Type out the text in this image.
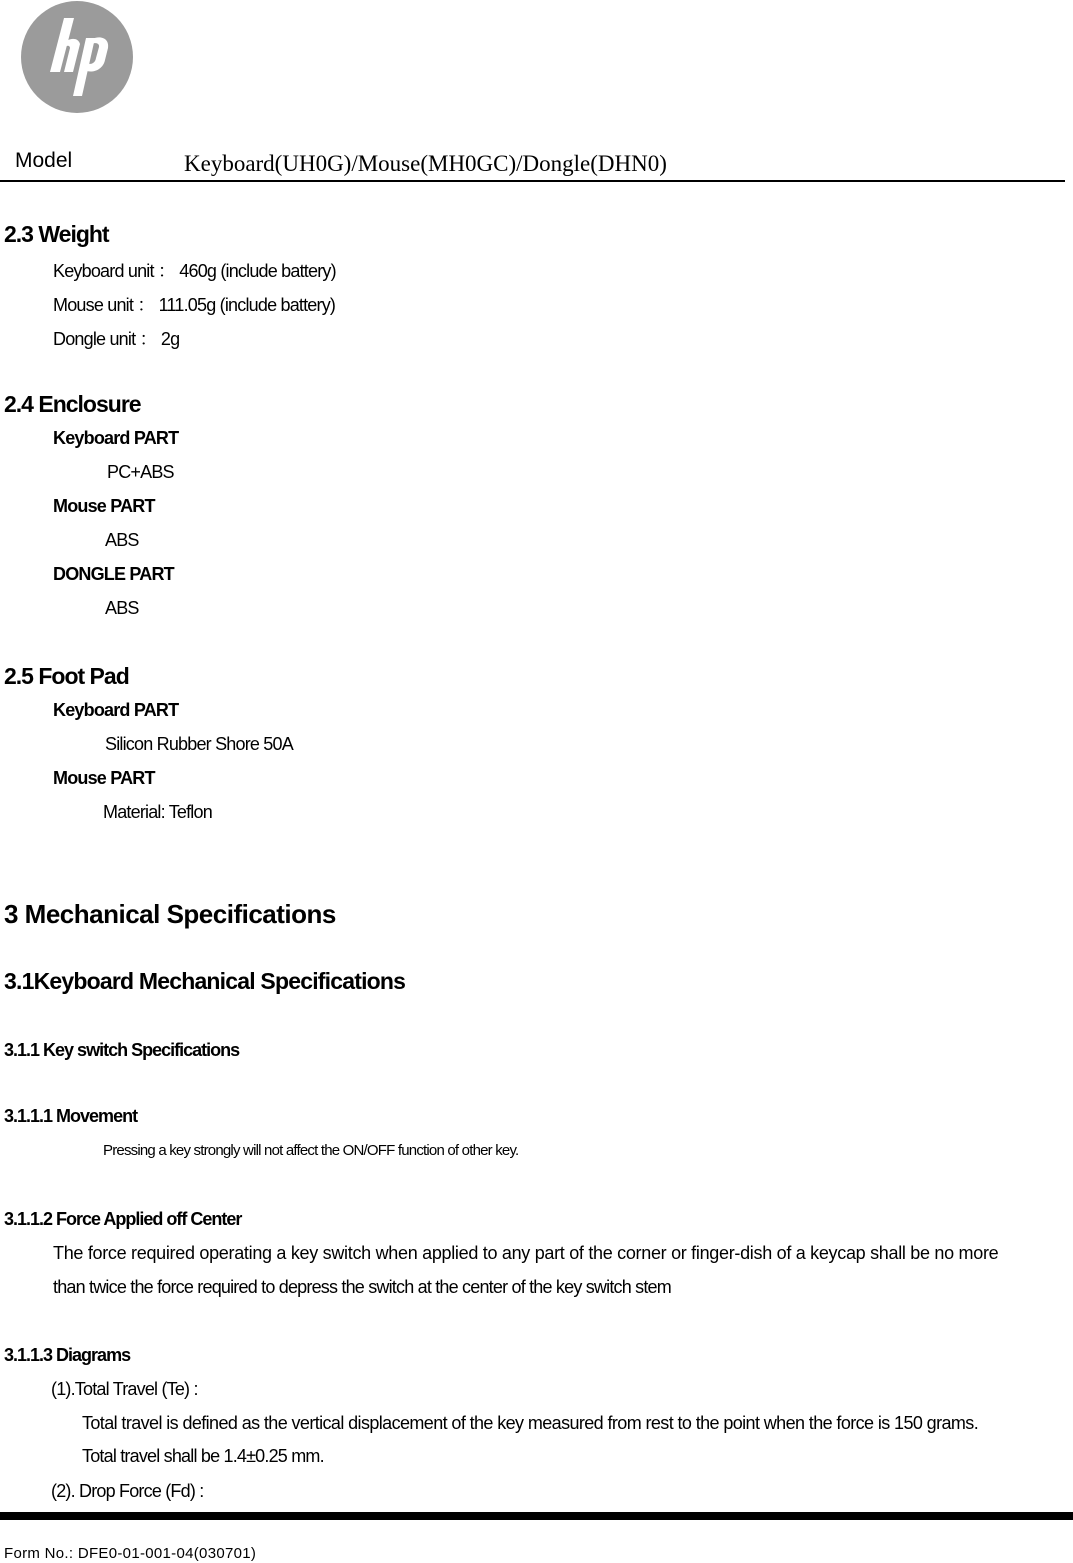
Model	Keyboard(UH0G)/Mouse(MH0GC)/Dongle(DHN0)
2.3 Weight
Keyboard unit ： 460g (include battery)
Mouse unit ： 111.05g (include battery)
Dongle unit ： 2g
2.4 Enclosure
Keyboard PART
PC+ABS
Mouse PART
ABS
DONGLE PART
ABS
2.5 Foot Pad
Keyboard PART
Silicon Rubber Shore 50A
Mouse PART
Material: Teflon
3 Mechanical Specifications
3.1Keyboard Mechanical Specifications
3.1.1 Key switch Specifications
3.1.1.1 Movement
Pressing a key strongly will not affect the ON/OFF function of other key.
3.1.1.2 Force Applied off Center
The force required operating a key switch when applied to any part of the corner or finger-dish of a keycap shall be no more
than twice the force required to depress the switch at the center of the key switch stem
3.1.1.3 Diagrams
(1).Total Travel (Te) :
Total travel is defined as the vertical displacement of the key measured from rest to the point when the force is 150 grams.
Total travel shall be 1.4±0.25 mm.
(2). Drop Force (Fd) :
Form No.: DFE0-01-001-04(030701)
